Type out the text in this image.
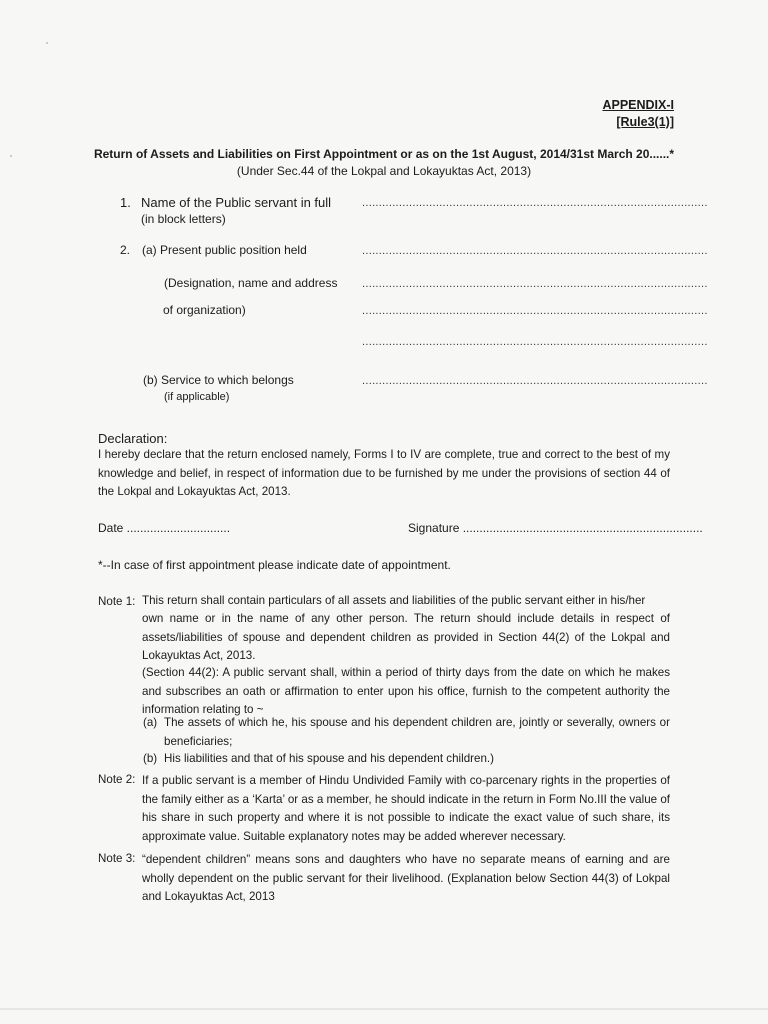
APPENDIX-I
[Rule3(1)]
Return of Assets and Liabilities on First Appointment or as on the 1st August, 2014/31st March 20......*
(Under Sec.44 of the Lokpal and Lokayuktas Act, 2013)
1. Name of the Public servant in full
(in block letters)
.......................................................................................................
2. (a) Present public position held	.......................................................................................................
(Designation, name and address .......................................................................................................
of organization)	.......................................................................................................
.......................................................................................................
(b) Service to which belongs
(if applicable)
.......................................................................................................
Declaration:
I hereby declare that the return enclosed namely, Forms I to IV are complete, true and correct to the best of my knowledge and belief, in respect of information due to be furnished by me under the provisions of section 44 of the Lokpal and Lokayuktas Act, 2013.
Date ...............................	Signature ........................................................................
*--In case of first appointment please indicate date of appointment.
Note 1: This return shall contain particulars of all assets and liabilities of the public servant either in his/her
own name or in the name of any other person. The return should include details in respect of assets/liabilities of spouse and dependent children as provided in Section 44(2) of the Lokpal and Lokayuktas Act, 2013.
(Section 44(2): A public servant shall, within a period of thirty days from the date on which he makes and subscribes an oath or affirmation to enter upon his office, furnish to the competent authority the information relating to ~
(a) The assets of which he, his spouse and his dependent children are, jointly or severally, owners or beneficiaries;
(b) His liabilities and that of his spouse and his dependent children.)
Note 2: If a public servant is a member of Hindu Undivided Family with co-parcenary rights in the properties of the family either as a ‘Karta’ or as a member, he should indicate in the return in Form No.III the value of his share in such property and where it is not possible to indicate the exact value of such share, its approximate value. Suitable explanatory notes may be added wherever necessary.
Note 3: “dependent children” means sons and daughters who have no separate means of earning and are wholly dependent on the public servant for their livelihood. (Explanation below Section 44(3) of Lokpal and Lokayuktas Act, 2013
